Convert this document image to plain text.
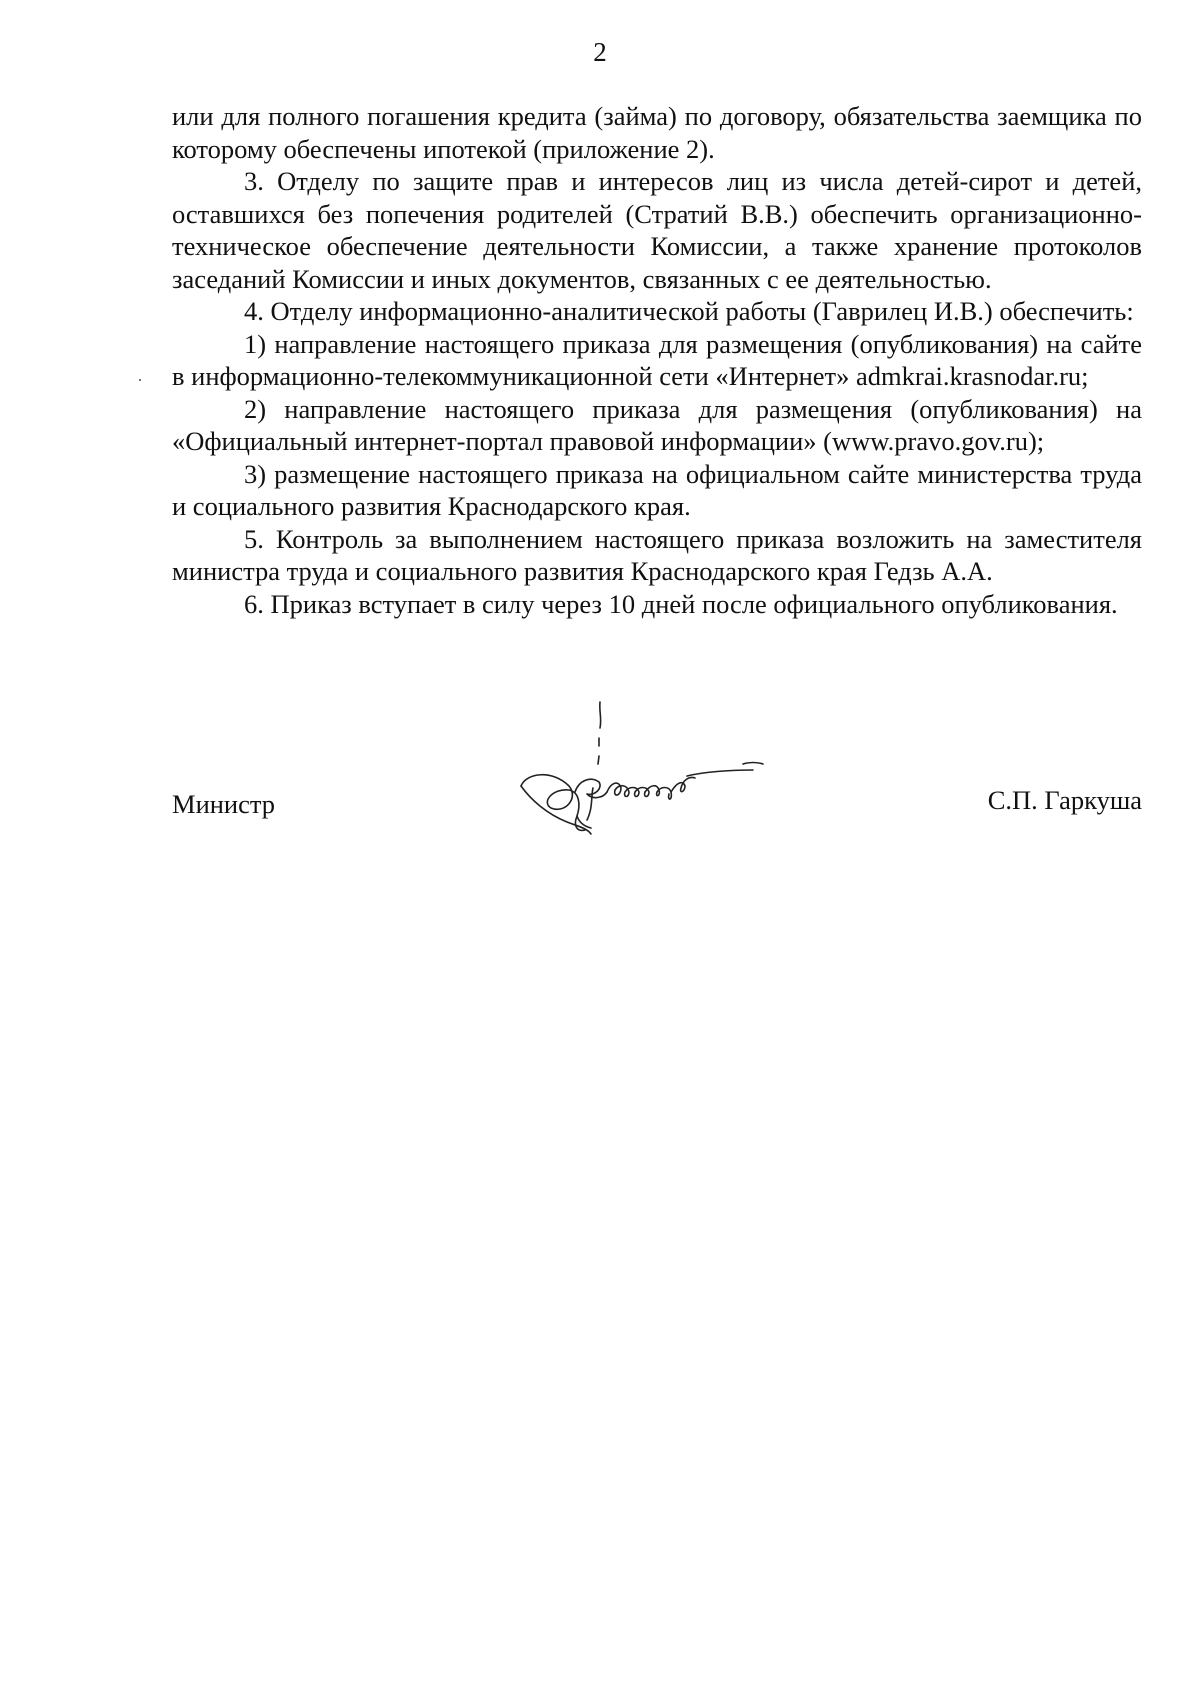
2

или для полного погашения кредита (займа) по договору, обязательства заемщика по которому обеспечены ипотекой (приложение 2).

3. Отделу по защите прав и интересов лиц из числа детей-сирот и детей, оставшихся без попечения родителей (Стратий В.В.) обеспечить организационно-техническое обеспечение деятельности Комиссии, а также хранение протоколов заседаний Комиссии и иных документов, связанных с ее деятельностью.

4. Отделу информационно-аналитической работы (Гаврилец И.В.) обеспечить:

1) направление настоящего приказа для размещения (опубликования) на сайте в информационно-телекоммуникационной сети «Интернет» admkrai.krasnodar.ru;

2) направление настоящего приказа для размещения (опубликования) на «Официальный интернет-портал правовой информации» (www.pravo.gov.ru);

3) размещение настоящего приказа на официальном сайте министерства труда и социального развития Краснодарского края.

5. Контроль за выполнением настоящего приказа возложить на заместителя министра труда и социального развития Краснодарского края Гедзь А.А.

6. Приказ вступает в силу через 10 дней после официального опубликования.

Министр	С.П. Гаркуша
